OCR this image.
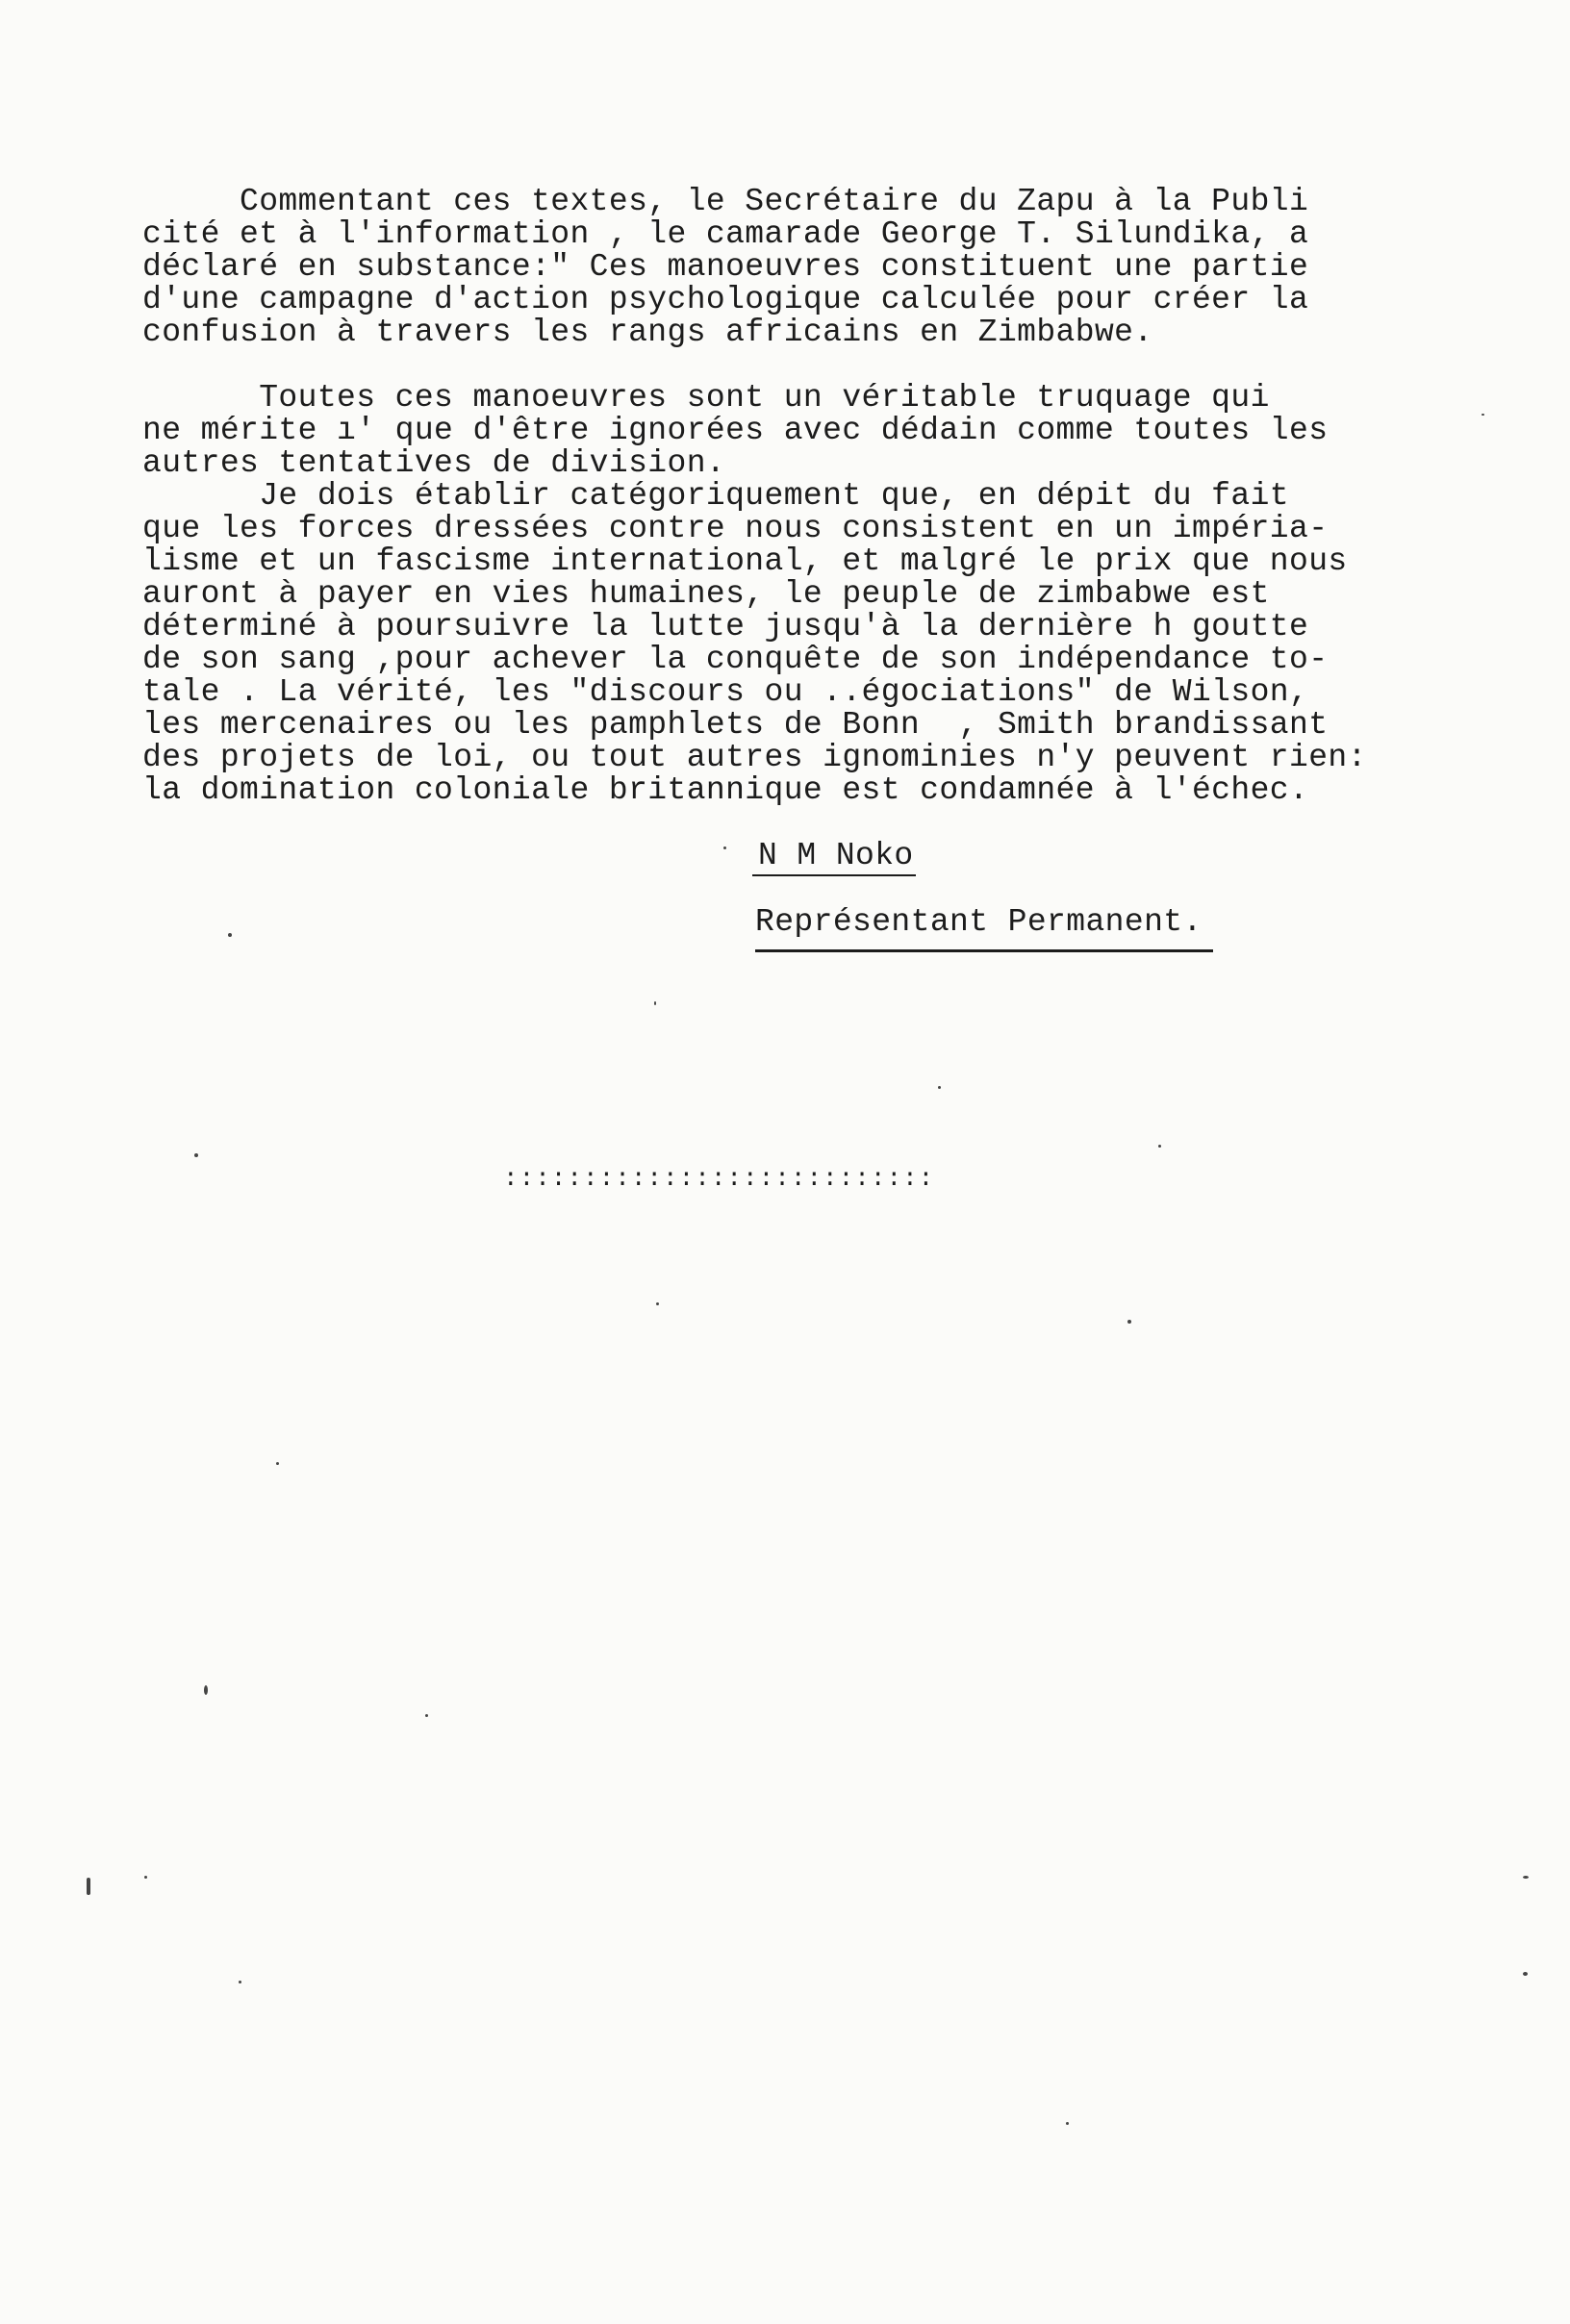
Commentant ces textes, le Secrétaire du Zapu à la Publi
cité et à l'information , le camarade George T. Silundika, a
déclaré en substance:" Ces manoeuvres constituent une partie
d'une campagne d'action psychologique calculée pour créer la
confusion à travers les rangs africains en Zimbabwe.
Toutes ces manoeuvres sont un véritable truquage qui
ne mérite ı' que d'être ignorées avec dédain comme toutes les
autres tentatives de division.
Je dois établir catégoriquement que, en dépit du fait
que les forces dressées contre nous consistent en un impéria-
lisme et un fascisme international, et malgré le prix que nous
auront à payer en vies humaines, le peuple de zimbabwe est
déterminé à poursuivre la lutte jusqu'à la dernière h goutte
de son sang ,pour achever la conquête de son indépendance to-
tale . La vérité, les "discours ou ..égociations" de Wilson,
les mercenaires ou les pamphlets de Bonn  , Smith brandissant
des projets de loi, ou tout autres ignominies n'y peuvent rien:
la domination coloniale britannique est condamnée à l'échec.
N M Noko
Représentant Permanent.
:::::::::::::::::::::::::::
